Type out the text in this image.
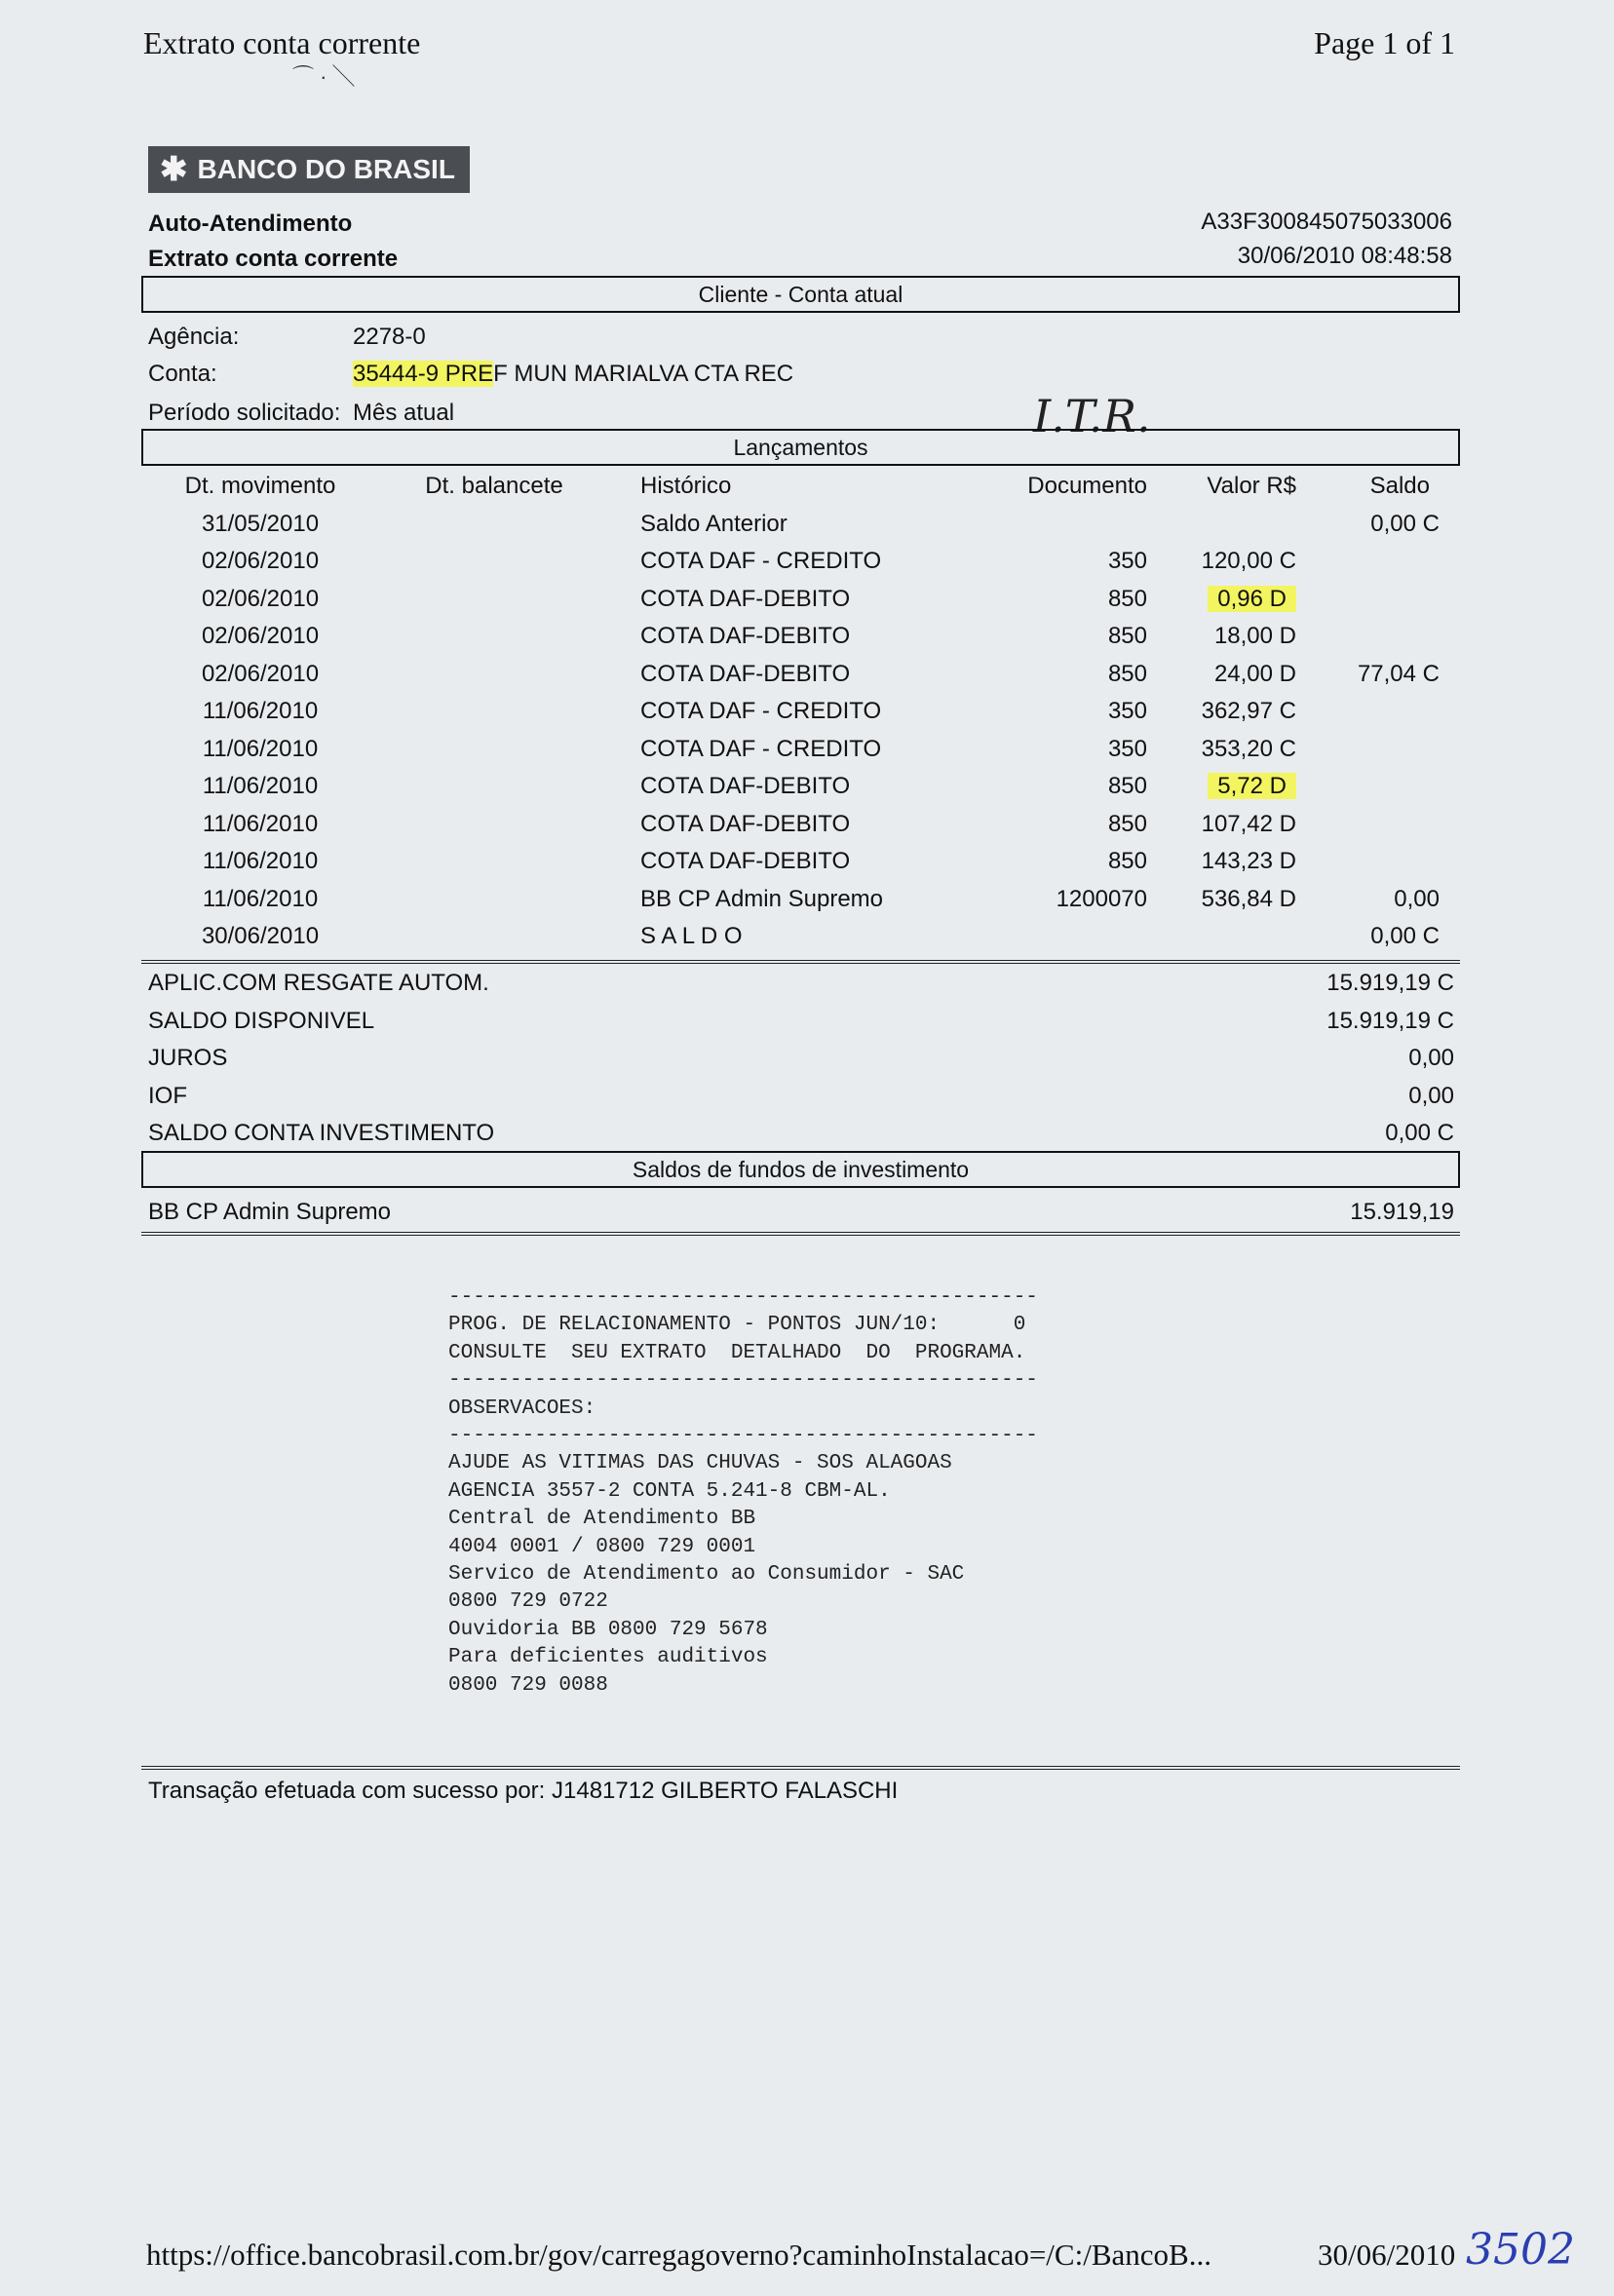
Extrato conta corrente	Page 1 of 1
⌒ · ╲
✱ BANCO DO BRASIL
Auto-Atendimento
Extrato conta corrente
A33F300845075033006
30/06/2010 08:48:58
Cliente - Conta atual
Agência:	2278-0
Conta:	35444-9 PREF MUN MARIALVA CTA REC
Período solicitado: Mês atual	I.T.R.
Lançamentos
Dt. movimento	Dt. balancete	Histórico	Documento	Valor R$	Saldo
31/05/2010		Saldo Anterior			0,00 C
02/06/2010		COTA DAF - CREDITO	350	120,00 C	
02/06/2010		COTA DAF-DEBITO	850	0,96 D	
02/06/2010		COTA DAF-DEBITO	850	18,00 D	
02/06/2010		COTA DAF-DEBITO	850	24,00 D	77,04 C
11/06/2010		COTA DAF - CREDITO	350	362,97 C	
11/06/2010		COTA DAF - CREDITO	350	353,20 C	
11/06/2010		COTA DAF-DEBITO	850	5,72 D	
11/06/2010		COTA DAF-DEBITO	850	107,42 D	
11/06/2010		COTA DAF-DEBITO	850	143,23 D	
11/06/2010		BB CP Admin Supremo	1200070	536,84 D	0,00
30/06/2010		S A L D O			0,00 C
APLIC.COM RESGATE AUTOM.	15.919,19 C
SALDO DISPONIVEL	15.919,19 C
JUROS	0,00
IOF	0,00
SALDO CONTA INVESTIMENTO	0,00 C
Saldos de fundos de investimento
BB CP Admin Supremo	15.919,19
------------------------------------------------
PROG. DE RELACIONAMENTO - PONTOS JUN/10:      0
CONSULTE  SEU EXTRATO  DETALHADO  DO  PROGRAMA.
------------------------------------------------
OBSERVACOES:
------------------------------------------------
AJUDE AS VITIMAS DAS CHUVAS - SOS ALAGOAS
AGENCIA 3557-2 CONTA 5.241-8 CBM-AL.
Central de Atendimento BB
4004 0001 / 0800 729 0001
Servico de Atendimento ao Consumidor - SAC
0800 729 0722
Ouvidoria BB 0800 729 5678
Para deficientes auditivos
0800 729 0088
Transação efetuada com sucesso por: J1481712 GILBERTO FALASCHI
https://office.bancobrasil.com.br/gov/carregagoverno?caminhoInstalacao=/C:/BancoB...	30/06/2010 3502
